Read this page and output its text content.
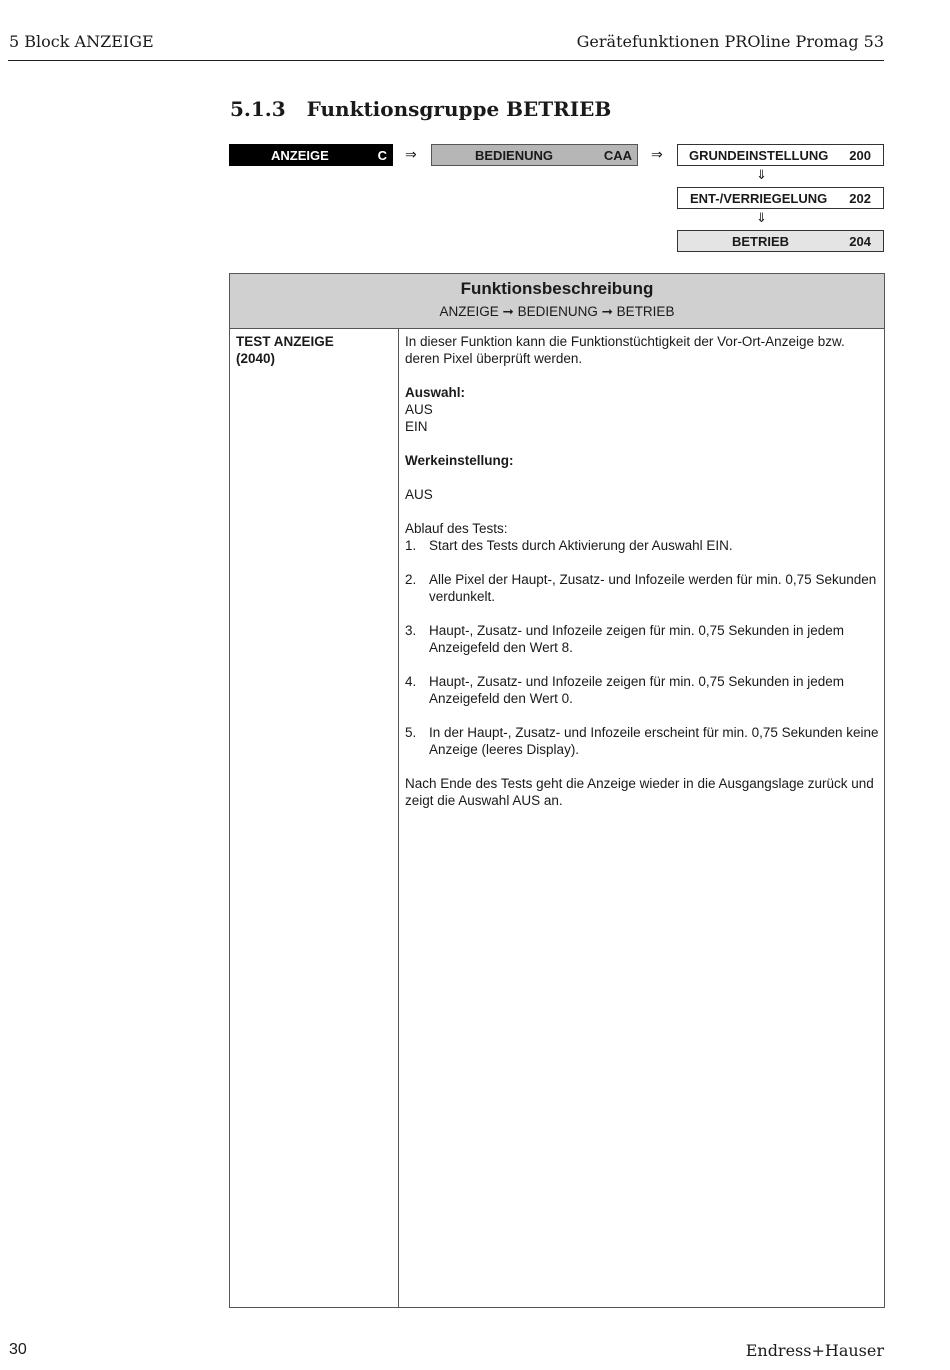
5 Block ANZEIGE	Gerätefunktionen PROline Promag 53
5.1.3 Funktionsgruppe BETRIEB
ANZEIGE	C ⇒	BEDIENUNG	CAA ⇒ GRUNDEINSTELLUNG 200
⇓
ENT-/VERRIEGELUNG 202
⇓
BETRIEB	204
Funktionsbeschreibung
ANZEIGE ➞ BEDIENUNG ➞ BETRIEB
TEST ANZEIGE
(2040)

In dieser Funktion kann die Funktionstüchtigkeit der Vor-Ort-Anzeige bzw. deren Pixel überprüft werden.

Auswahl:
AUS
EIN

Werkeinstellung:

AUS

Ablauf des Tests:
1. Start des Tests durch Aktivierung der Auswahl EIN.
2. Alle Pixel der Haupt-, Zusatz- und Infozeile werden für min. 0,75 Sekunden verdunkelt.
3. Haupt-, Zusatz- und Infozeile zeigen für min. 0,75 Sekunden in jedem Anzeigefeld den Wert 8.
4. Haupt-, Zusatz- und Infozeile zeigen für min. 0,75 Sekunden in jedem Anzeigefeld den Wert 0.
5. In der Haupt-, Zusatz- und Infozeile erscheint für min. 0,75 Sekunden keine Anzeige (leeres Display).

Nach Ende des Tests geht die Anzeige wieder in die Ausgangslage zurück und zeigt die Auswahl AUS an.

30	Endress+Hauser
